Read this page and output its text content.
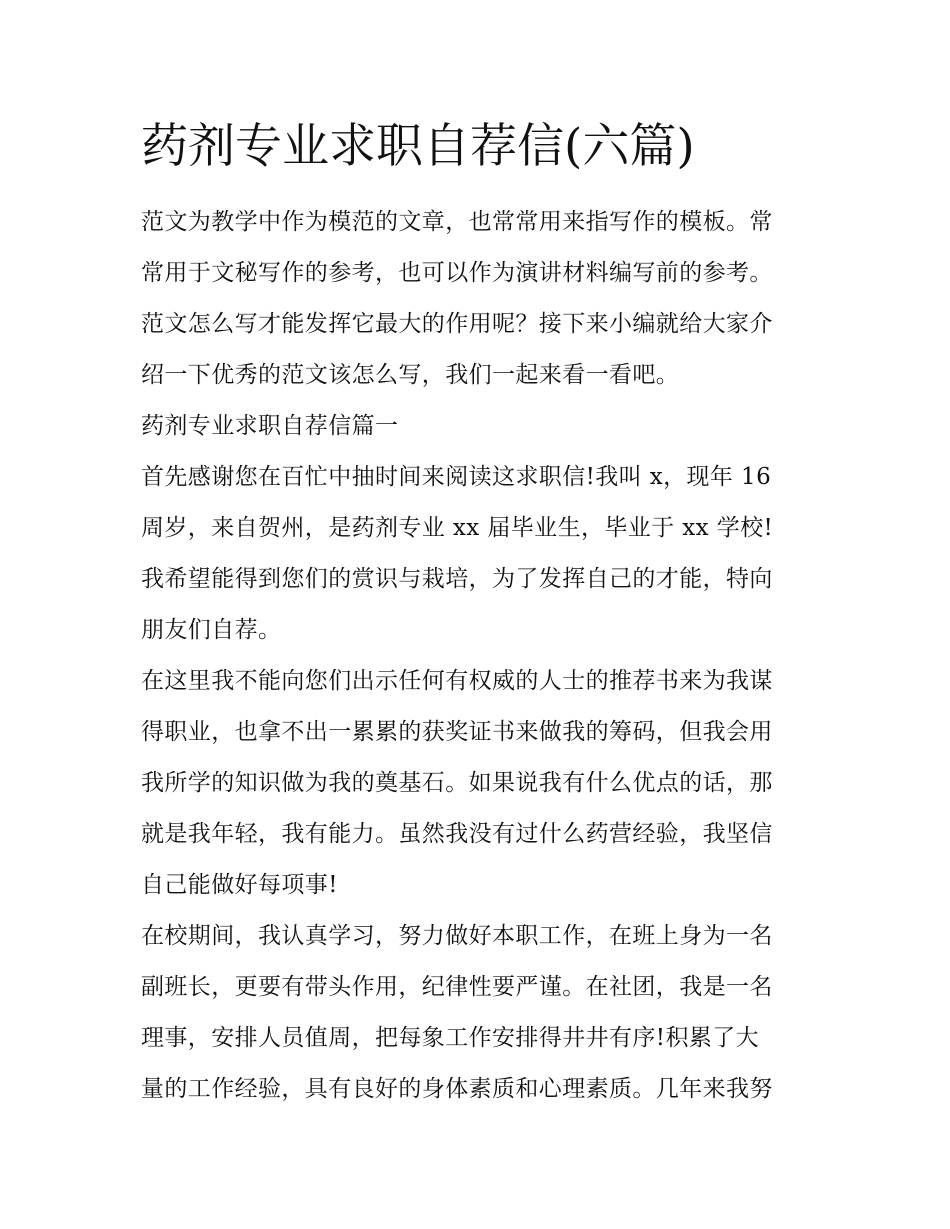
药剂专业求职自荐信(六篇)

范文为教学中作为模范的文章，也常常用来指写作的模板。常

常用于文秘写作的参考，也可以作为演讲材料编写前的参考。

范文怎么写才能发挥它最大的作用呢？接下来小编就给大家介

绍一下优秀的范文该怎么写，我们一起来看一看吧。

药剂专业求职自荐信篇一

首先感谢您在百忙中抽时间来阅读这求职信!我叫 x，现年 16

周岁，来自贺州，是药剂专业 xx 届毕业生，毕业于 xx 学校!

我希望能得到您们的赏识与栽培，为了发挥自己的才能，特向

朋友们自荐。

在这里我不能向您们出示任何有权威的人士的推荐书来为我谋

得职业，也拿不出一累累的获奖证书来做我的筹码，但我会用

我所学的知识做为我的奠基石。如果说我有什么优点的话，那

就是我年轻，我有能力。虽然我没有过什么药营经验，我坚信

自己能做好每项事!

在校期间，我认真学习，努力做好本职工作，在班上身为一名

副班长，更要有带头作用，纪律性要严谨。在社团，我是一名

理事，安排人员值周，把每象工作安排得井井有序!积累了大

量的工作经验，具有良好的身体素质和心理素质。几年来我努
